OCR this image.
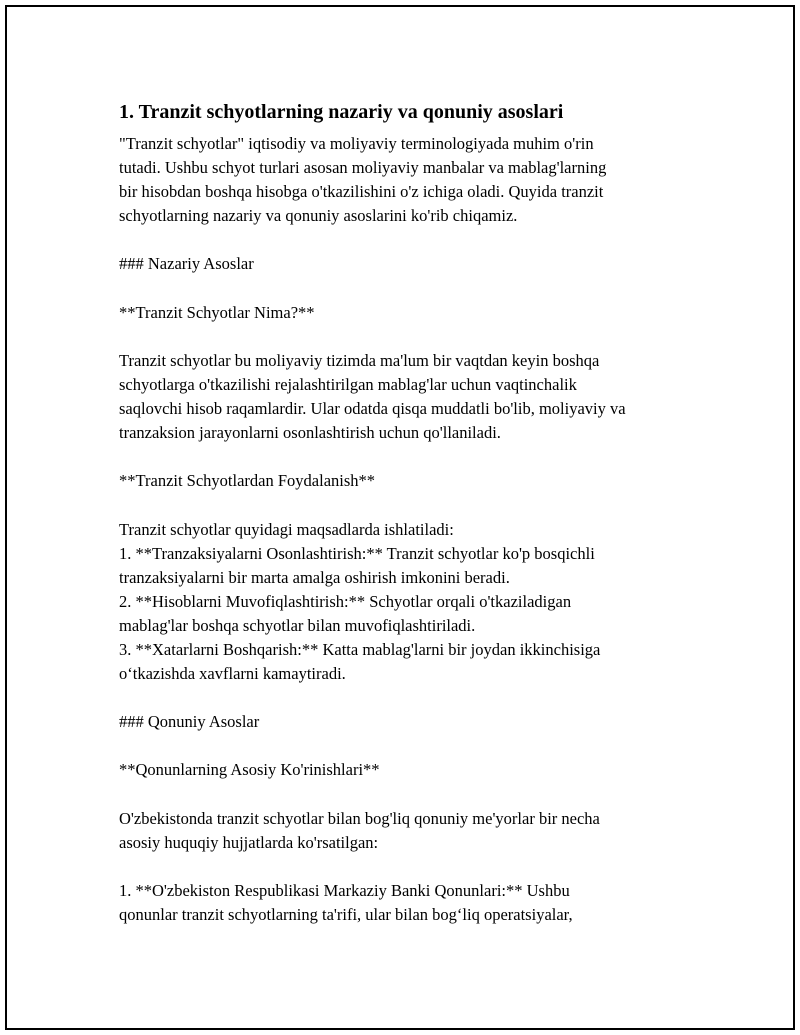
1. Tranzit schyotlarning nazariy va qonuniy asoslari

"Tranzit schyotlar" iqtisodiy va moliyaviy terminologiyada muhim o'rin
tutadi. Ushbu schyot turlari asosan moliyaviy manbalar va mablag'larning
bir hisobdan boshqa hisobga o'tkazilishini o'z ichiga oladi. Quyida tranzit
schyotlarning nazariy va qonuniy asoslarini ko'rib chiqamiz.

### Nazariy Asoslar

**Tranzit Schyotlar Nima?**

Tranzit schyotlar bu moliyaviy tizimda ma'lum bir vaqtdan keyin boshqa
schyotlarga o'tkazilishi rejalashtirilgan mablag'lar uchun vaqtinchalik
saqlovchi hisob raqamlardir. Ular odatda qisqa muddatli bo'lib, moliyaviy va
tranzaksion jarayonlarni osonlashtirish uchun qo'llaniladi.

**Tranzit Schyotlardan Foydalanish**

Tranzit schyotlar quyidagi maqsadlarda ishlatiladi:
1. **Tranzaksiyalarni Osonlashtirish:** Tranzit schyotlar ko'p bosqichli
tranzaksiyalarni bir marta amalga oshirish imkonini beradi.
2. **Hisoblarni Muvofiqlashtirish:** Schyotlar orqali o'tkaziladigan
mablag'lar boshqa schyotlar bilan muvofiqlashtiriladi.
3. **Xatarlarni Boshqarish:** Katta mablag'larni bir joydan ikkinchisiga
o‘tkazishda xavflarni kamaytiradi.

### Qonuniy Asoslar

**Qonunlarning Asosiy Ko'rinishlari**

O'zbekistonda tranzit schyotlar bilan bog'liq qonuniy me'yorlar bir necha
asosiy huquqiy hujjatlarda ko'rsatilgan:

1. **O'zbekiston Respublikasi Markaziy Banki Qonunlari:** Ushbu
qonunlar tranzit schyotlarning ta'rifi, ular bilan bog‘liq operatsiyalar,
